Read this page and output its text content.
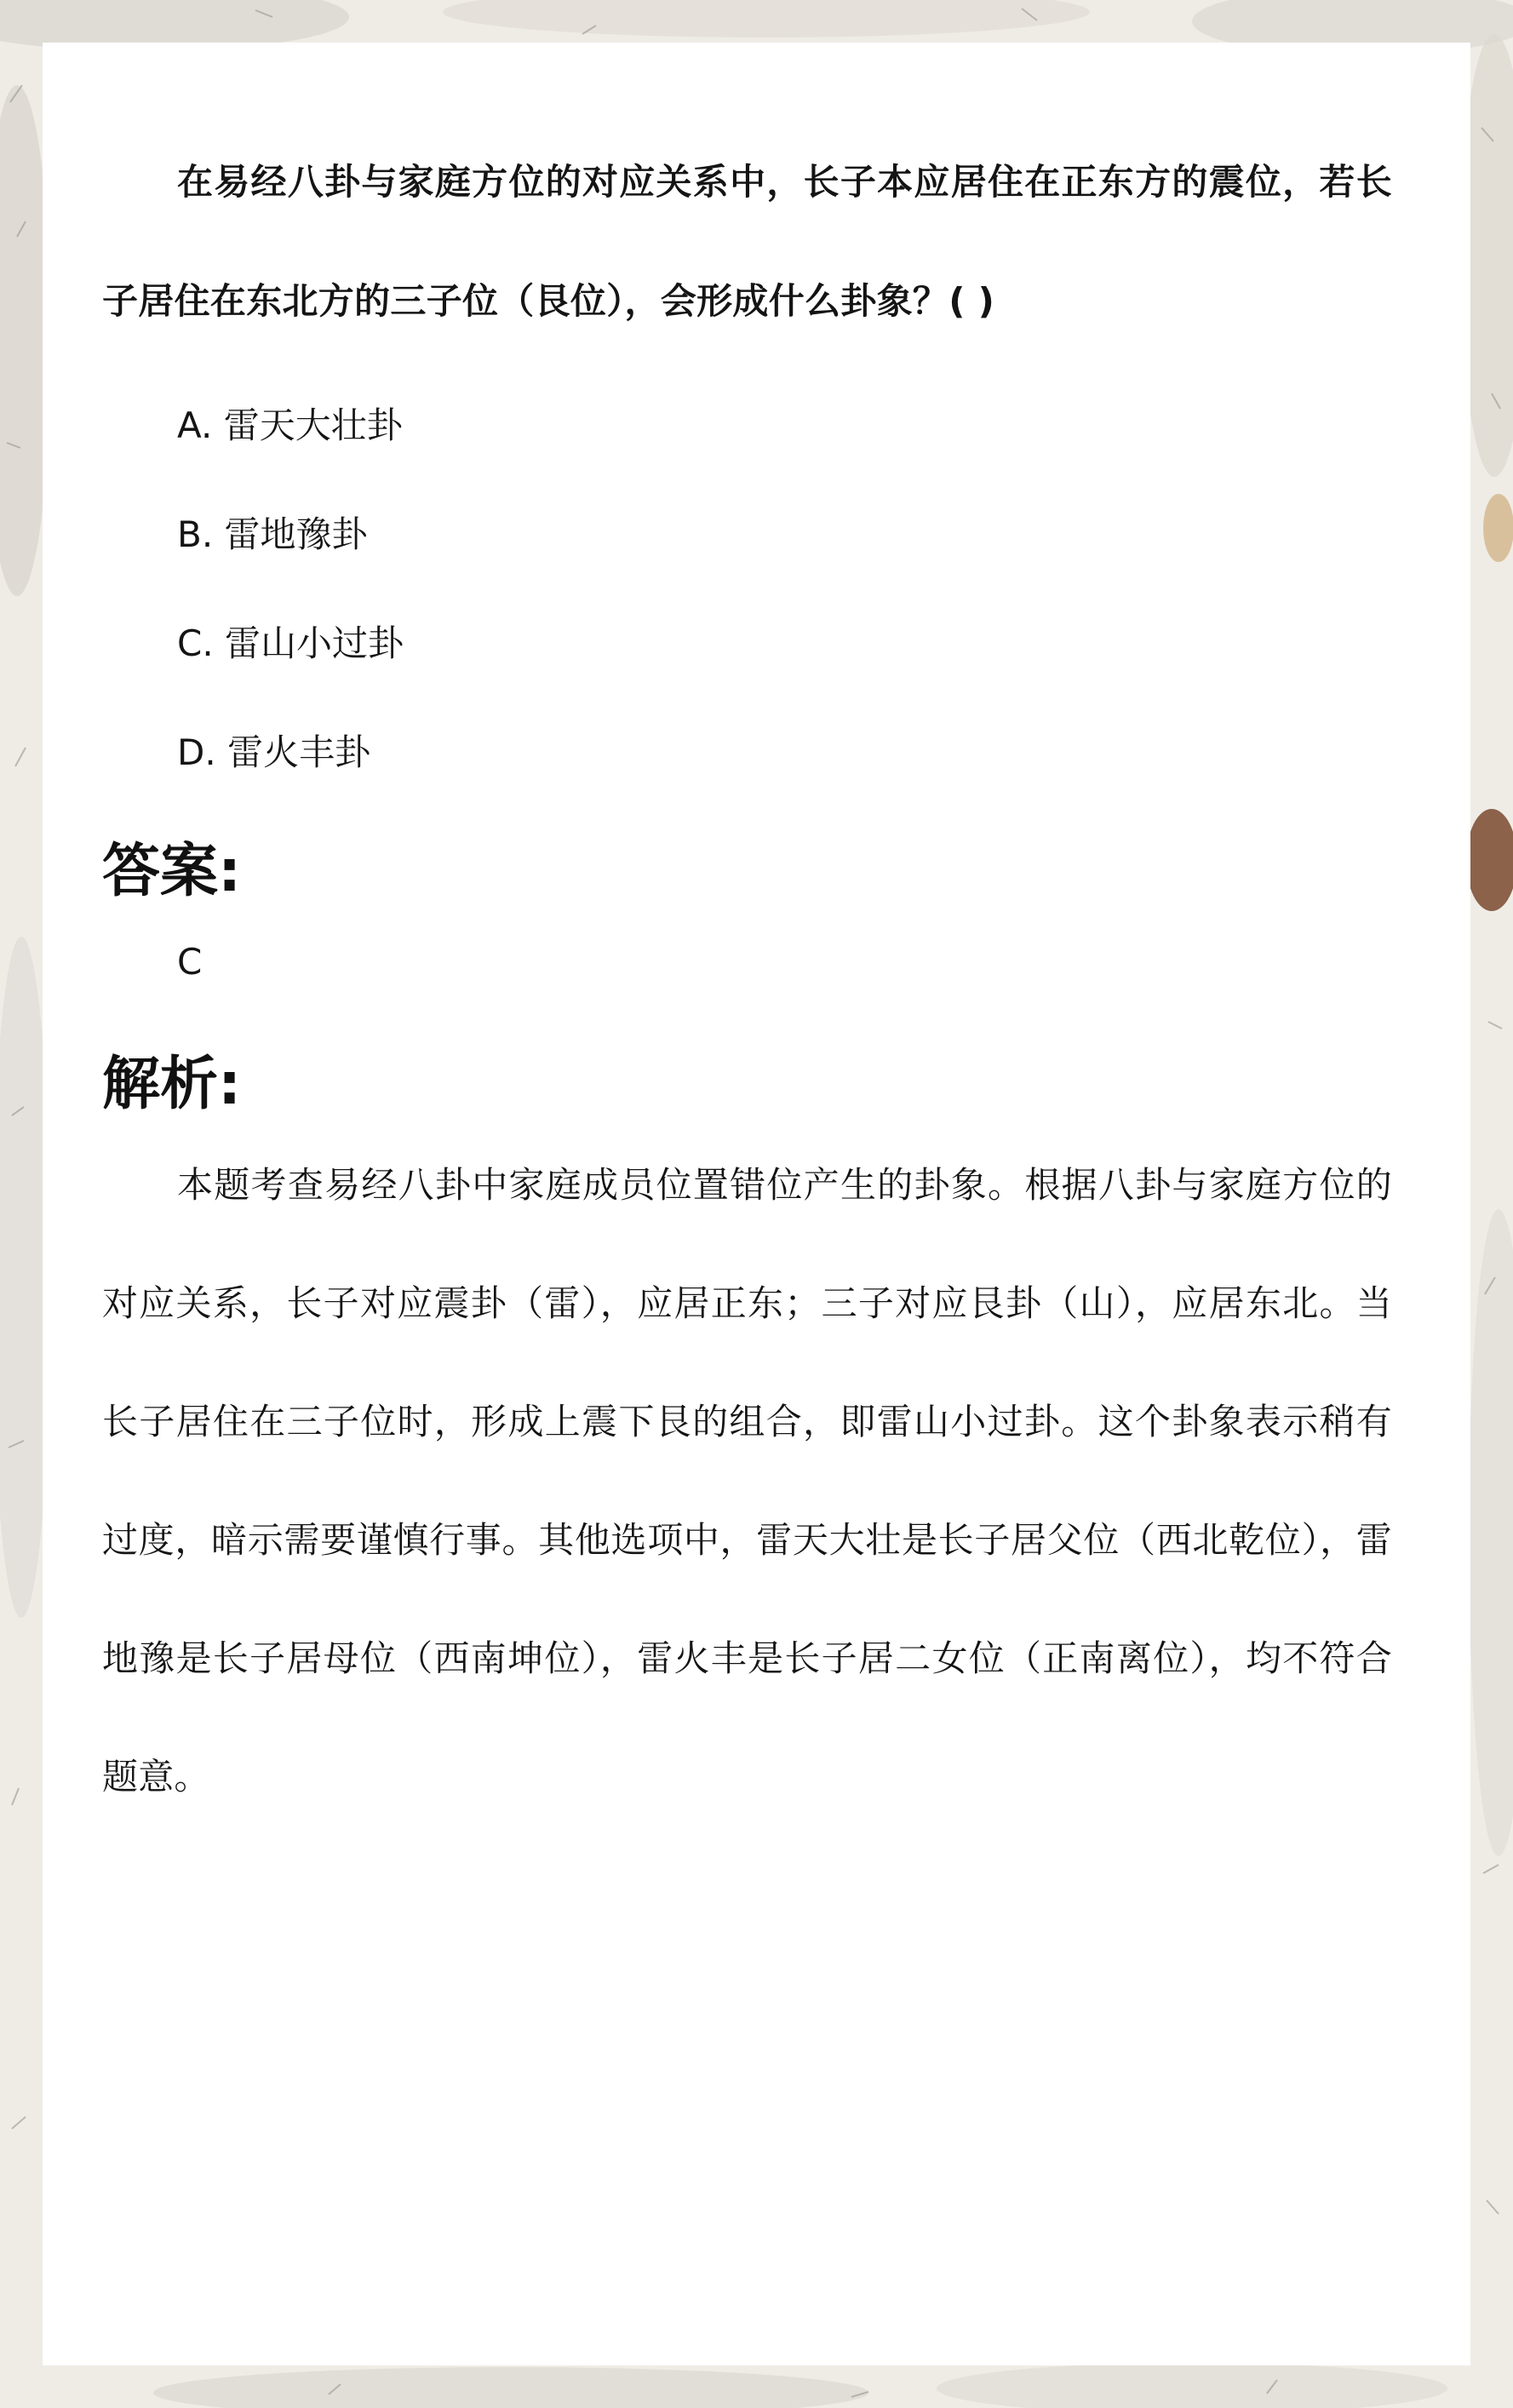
在易经八卦与家庭方位的对应关系中，长子本应居住在正东方的震位，若长子居住在东北方的三子位（艮位），会形成什么卦象？( )

A. 雷天大壮卦
B. 雷地豫卦
C. 雷山小过卦
D. 雷火丰卦
答案:
C
解析:

本题考查易经八卦中家庭成员位置错位产生的卦象。根据八卦与家庭方位的对应关系，长子对应震卦（雷），应居正东；三子对应艮卦（山），应居东北。当长子居住在三子位时，形成上震下艮的组合，即雷山小过卦。这个卦象表示稍有过度，暗示需要谨慎行事。其他选项中，雷天大壮是长子居父位（西北乾位），雷地豫是长子居母位（西南坤位），雷火丰是长子居二女位（正南离位），均不符合题意。
